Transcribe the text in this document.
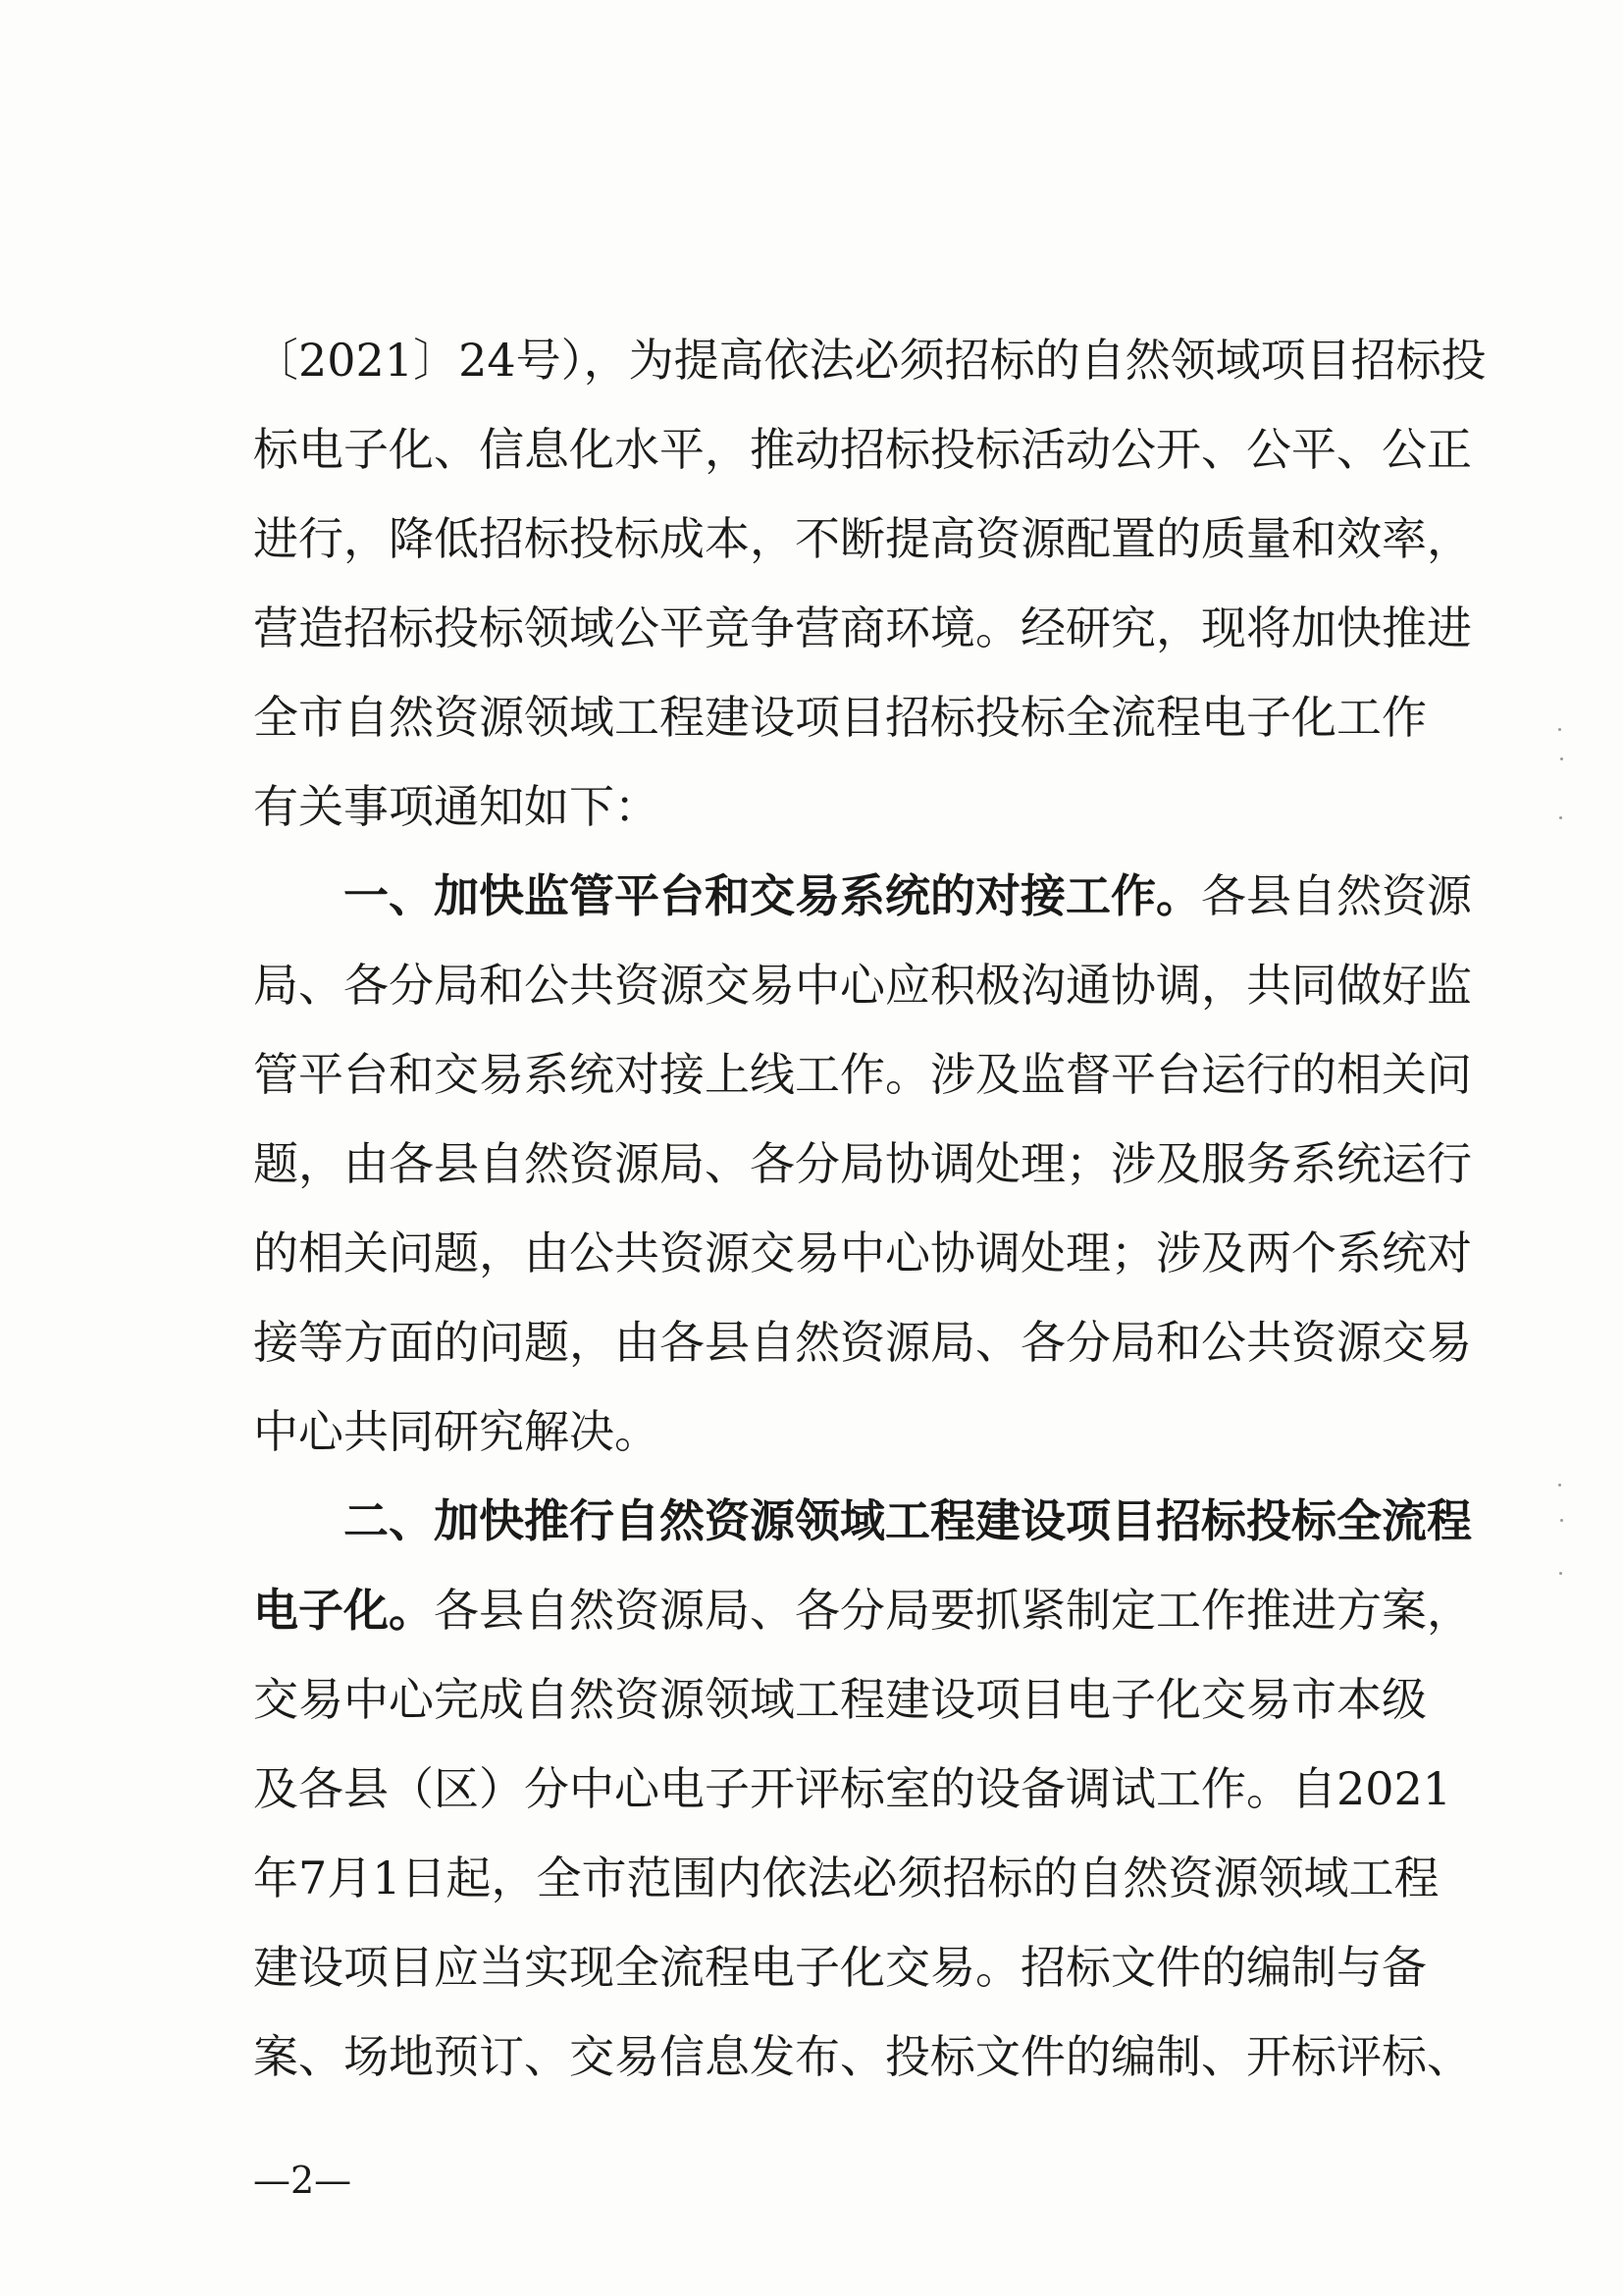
〔2021〕24号），为提高依法必须招标的自然领域项目招标投
标电子化、信息化水平，推动招标投标活动公开、公平、公正
进行，降低招标投标成本，不断提高资源配置的质量和效率，
营造招标投标领域公平竞争营商环境。经研究，现将加快推进
全市自然资源领域工程建设项目招标投标全流程电子化工作
有关事项通知如下：
一、加快监管平台和交易系统的对接工作。各县自然资源
局、各分局和公共资源交易中心应积极沟通协调，共同做好监
管平台和交易系统对接上线工作。涉及监督平台运行的相关问
题，由各县自然资源局、各分局协调处理；涉及服务系统运行
的相关问题，由公共资源交易中心协调处理；涉及两个系统对
接等方面的问题，由各县自然资源局、各分局和公共资源交易
中心共同研究解决。
二、加快推行自然资源领域工程建设项目招标投标全流程
电子化。各县自然资源局、各分局要抓紧制定工作推进方案，
交易中心完成自然资源领域工程建设项目电子化交易市本级
及各县（区）分中心电子开评标室的设备调试工作。自2021
年7月1日起，全市范围内依法必须招标的自然资源领域工程
建设项目应当实现全流程电子化交易。招标文件的编制与备
案、场地预订、交易信息发布、投标文件的编制、开标评标、
—2—
